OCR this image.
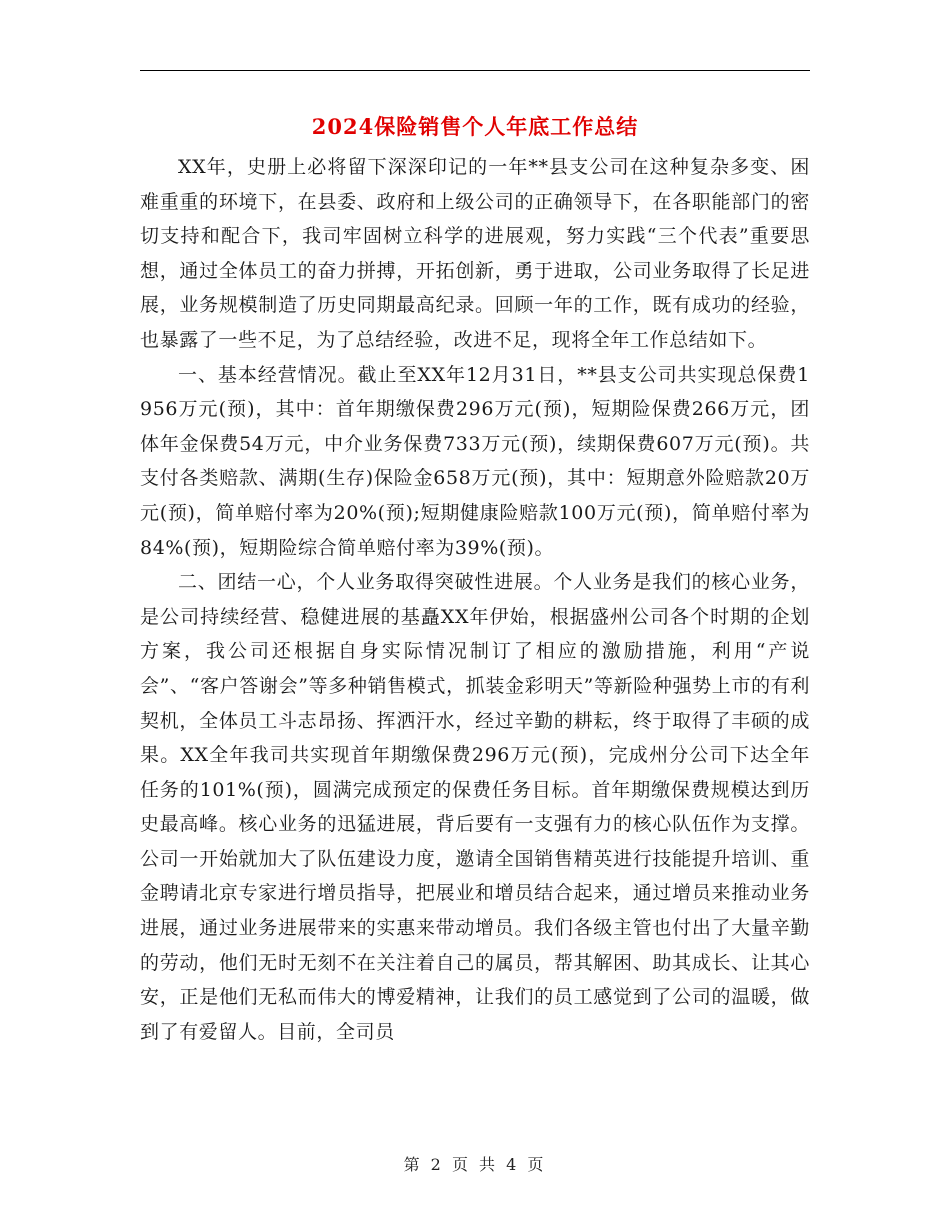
2024保险销售个人年底工作总结

XX年，史册上必将留下深深印记的一年**县支公司在这种复杂多变、困难重重的环境下，在县委、政府和上级公司的正确领导下，在各职能部门的密切支持和配合下，我司牢固树立科学的进展观，努力实践“三个代表”重要思想，通过全体员工的奋力拼搏，开拓创新，勇于进取，公司业务取得了长足进展，业务规模制造了历史同期最高纪录。回顾一年的工作，既有成功的经验，也暴露了一些不足，为了总结经验，改进不足，现将全年工作总结如下。

一、基本经营情况。截止至XX年12月31日，**县支公司共实现总保费1956万元(预)，其中：首年期缴保费296万元(预)，短期险保费266万元，团体年金保费54万元，中介业务保费733万元(预)，续期保费607万元(预)。共支付各类赔款、满期(生存)保险金658万元(预)，其中：短期意外险赔款20万元(预)，简单赔付率为20%(预);短期健康险赔款100万元(预)，简单赔付率为84%(预)，短期险综合简单赔付率为39%(预)。

二、团结一心，个人业务取得突破性进展。个人业务是我们的核心业务，是公司持续经营、稳健进展的基矗XX年伊始，根据盛州公司各个时期的企划方案，我公司还根据自身实际情况制订了相应的激励措施，利用“产说会”、“客户答谢会”等多种销售模式，抓装金彩明天”等新险种强势上市的有利契机，全体员工斗志昂扬、挥洒汗水，经过辛勤的耕耘，终于取得了丰硕的成果。XX全年我司共实现首年期缴保费296万元(预)，完成州分公司下达全年任务的101%(预)，圆满完成预定的保费任务目标。首年期缴保费规模达到历史最高峰。核心业务的迅猛进展，背后要有一支强有力的核心队伍作为支撑。公司一开始就加大了队伍建设力度，邀请全国销售精英进行技能提升培训、重金聘请北京专家进行增员指导，把展业和增员结合起来，通过增员来推动业务进展，通过业务进展带来的实惠来带动增员。我们各级主管也付出了大量辛勤的劳动，他们无时无刻不在关注着自己的属员，帮其解困、助其成长、让其心安，正是他们无私而伟大的博爱精神，让我们的员工感觉到了公司的温暖，做到了有爱留人。目前，全司员

第 2 页 共 4 页
